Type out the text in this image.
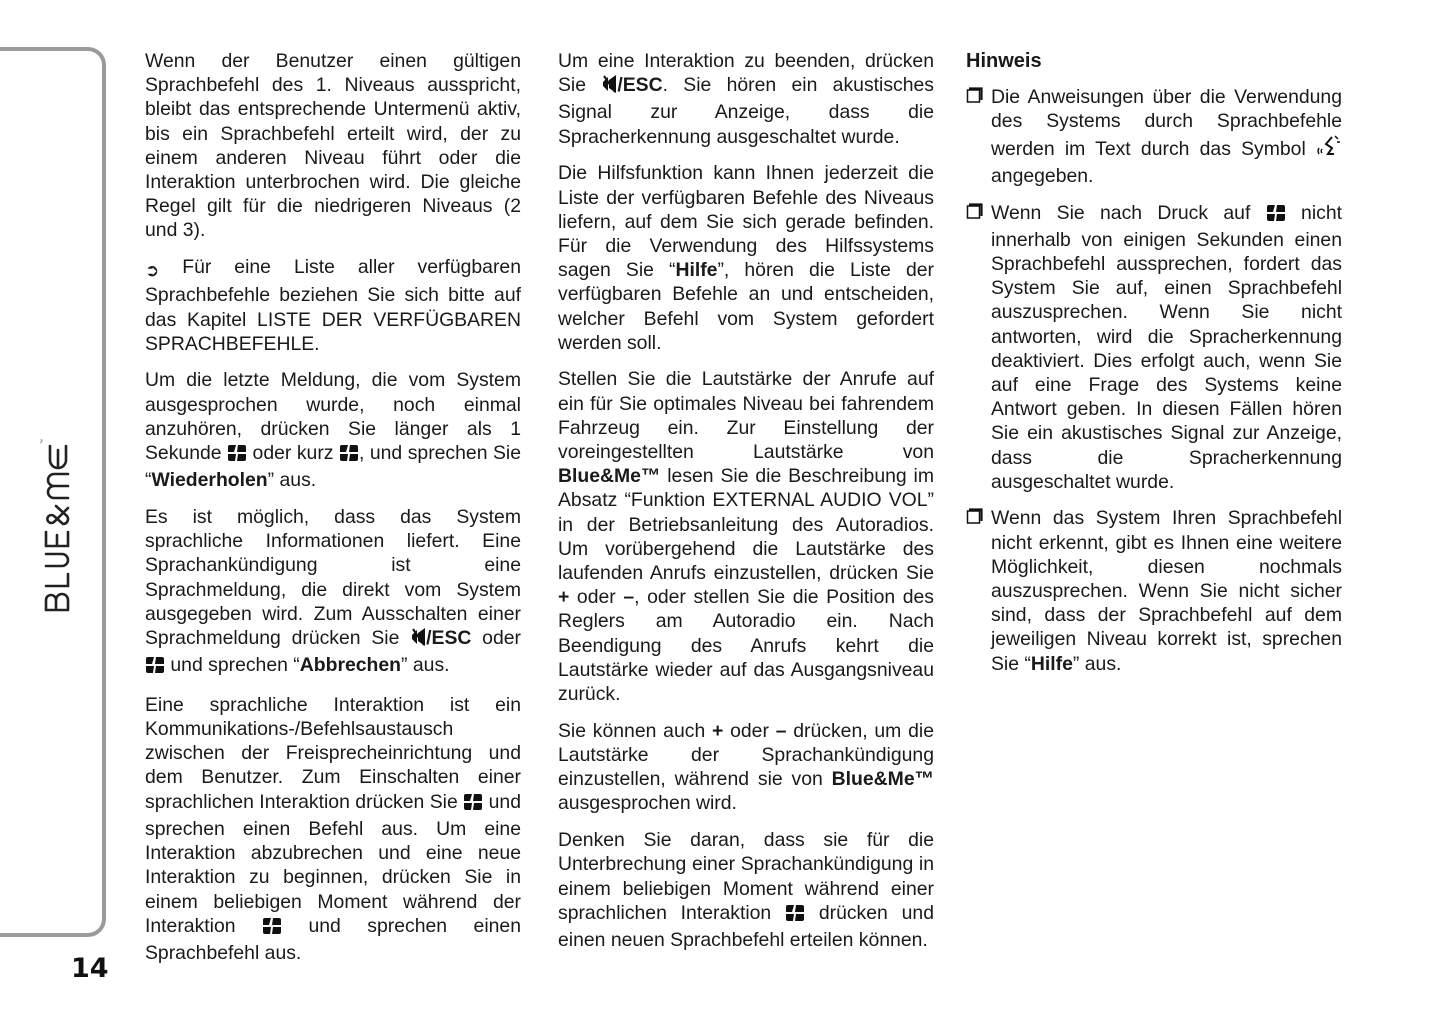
™
14

Wenn der Benutzer einen gültigen Sprachbefehl des 1. Niveaus ausspricht, bleibt das entsprechende Untermenü aktiv, bis ein Sprachbefehl erteilt wird, der zu einem anderen Niveau führt oder die Interaktion unterbrochen wird. Die gleiche Regel gilt für die niedrigeren Niveaus (2 und 3).

➲ Für eine Liste aller verfügbaren Sprachbefehle beziehen Sie sich bitte auf das Kapitel LISTE DER VERFÜGBAREN SPRACHBEFEHLE.

Um die letzte Meldung, die vom System ausgesprochen wurde, noch einmal anzuhören, drücken Sie länger als 1 Sekunde  oder kurz , und sprechen Sie “Wiederholen” aus.

Es ist möglich, dass das System sprachliche Informationen liefert. Eine Sprachankündigung ist eine Sprachmeldung, die direkt vom System ausgegeben wird. Zum Ausschalten einer Sprachmeldung drücken Sie /ESC oder  und sprechen “Abbrechen” aus.

Eine sprachliche Interaktion ist ein Kommunikations-/Befehlsaustausch zwischen der Freisprecheinrichtung und dem Benutzer. Zum Einschalten einer sprachlichen Interaktion drücken Sie  und sprechen einen Befehl aus. Um eine Interaktion abzubrechen und eine neue Interaktion zu beginnen, drücken Sie in einem beliebigen Moment während der Interaktion  und sprechen einen Sprachbefehl aus.

Um eine Interaktion zu beenden, drücken Sie /ESC. Sie hören ein akustisches Signal zur Anzeige, dass die Spracherkennung ausgeschaltet wurde.

Die Hilfsfunktion kann Ihnen jederzeit die Liste der verfügbaren Befehle des Niveaus liefern, auf dem Sie sich gerade befinden. Für die Verwendung des Hilfssystems sagen Sie “Hilfe”, hören die Liste der verfügbaren Befehle an und entscheiden, welcher Befehl vom System gefordert werden soll.

Stellen Sie die Lautstärke der Anrufe auf ein für Sie optimales Niveau bei fahrendem Fahrzeug ein. Zur Einstellung der voreingestellten Lautstärke von Blue&Me™ lesen Sie die Beschreibung im Absatz “Funktion EXTERNAL AUDIO VOL” in der Betriebsanleitung des Autoradios. Um vorübergehend die Lautstärke des laufenden Anrufs einzustellen, drücken Sie + oder –, oder stellen Sie die Position des Reglers am Autoradio ein. Nach Beendigung des Anrufs kehrt die Lautstärke wieder auf das Ausgangsniveau zurück.

Sie können auch + oder – drücken, um die Lautstärke der Sprachankündigung einzustellen, während sie von Blue&Me™ ausgesprochen wird.

Denken Sie daran, dass sie für die Unterbrechung einer Sprachankündigung in einem beliebigen Moment während einer sprachlichen Interaktion  drücken und einen neuen Sprachbefehl erteilen können.

Hinweis
Die Anweisungen über die Verwendung des Systems durch Sprachbefehle werden im Text durch das Symbol  angegeben.
Wenn Sie nach Druck auf  nicht innerhalb von einigen Sekunden einen Sprachbefehl aussprechen, fordert das System Sie auf, einen Sprachbefehl auszusprechen. Wenn Sie nicht antworten, wird die Spracherkennung deaktiviert. Dies erfolgt auch, wenn Sie auf eine Frage des Systems keine Antwort geben. In diesen Fällen hören Sie ein akustisches Signal zur Anzeige, dass die Spracherkennung ausgeschaltet wurde.
Wenn das System Ihren Sprachbefehl nicht erkennt, gibt es Ihnen eine weitere Möglichkeit, diesen nochmals auszusprechen. Wenn Sie nicht sicher sind, dass der Sprachbefehl auf dem jeweiligen Niveau korrekt ist, sprechen Sie “Hilfe” aus.
